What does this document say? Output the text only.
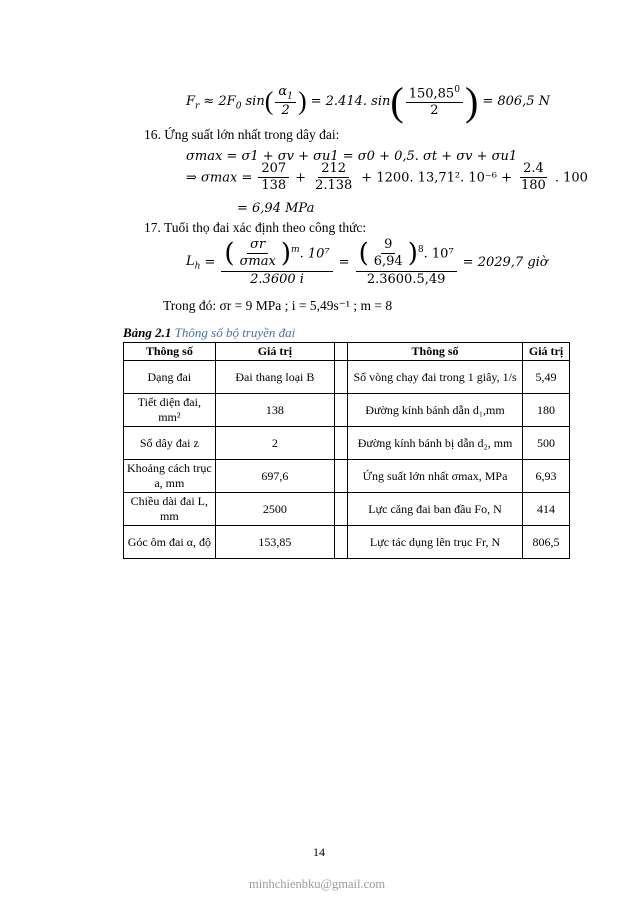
$F_r \approx 2F_0$ $\sin( \frac{\alpha_1}{2}$ ) = 2.414. $\sin( \frac{150,85^0}{2}$ ) = 806,5 N
16. Ứng suất lớn nhất trong dây đai:
σmax = σ1 + σv + σu1 = σ0 + 0,5. σt + σv + σu1
⇒ $\sigma\max = \frac{207}{138} + \frac{212}{2.138} + 1200$. 13,71². $10^{-6} + \frac{2.4}{180}$ . 100
= 6,94 MPa
17. Tuổi thọ đai xác định theo công thức:
$L_h = \frac{( \frac{\sigma r}{\sigma\max} )^m. 10^7}{2.3600 i} = \frac{( \frac{9}{6,94} )^8. 10^7}{2.3600.5,49} = 2029,7$ giờ
Trong đó: σr = 9 MPa ; i = 5,49s⁻¹ ; m = 8
Bảng 2.1 Thông số bộ truyền đai
Thông số	Giá trị		Thông số	Giá trị
Dạng đai	Đai thang loại B		Số vòng chạy đai trong 1 giây, 1/s	5,49
Tiết diện đai, mm²	138		Đường kính bánh dẫn d₁,mm	180
Số dây đai z	2		Đường kính bánh bị dẫn d₂, mm	500
Khoảng cách trục a, mm	697,6		Ứng suất lớn nhất σmax, MPa	6,93
Chiều dài đai L, mm	2500		Lực căng đai ban đầu Fo, N	414
Góc ôm đai α, độ	153,85		Lực tác dụng lên trục Fr, N	806,5
14
minhchienbku@gmail.com
